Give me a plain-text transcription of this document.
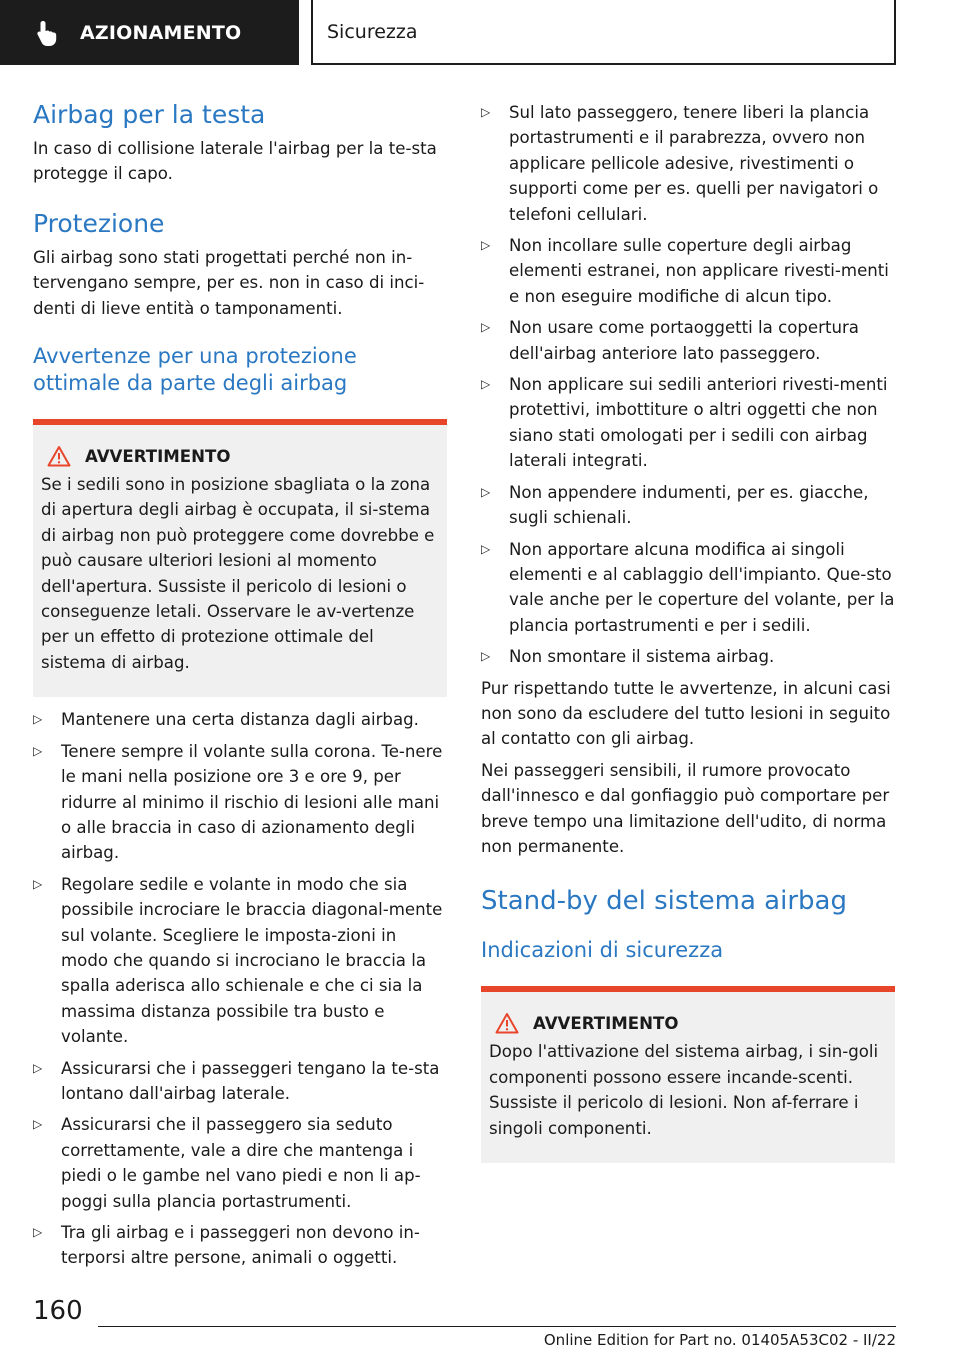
AZIONAMENTO	Sicurezza
Airbag per la testa

In caso di collisione laterale l'airbag per la te-sta protegge il capo.

Protezione

Gli airbag sono stati progettati perché non in-tervengano sempre, per es. non in caso di inci-denti di lieve entità o tamponamenti.

Avvertenze per una protezione ottimale da parte degli airbag
AVVERTIMENTO

Se i sedili sono in posizione sbagliata o la zona di apertura degli airbag è occupata, il si-stema di airbag non può proteggere come dovrebbe e può causare ulteriori lesioni al momento dell'apertura. Sussiste il pericolo di lesioni o conseguenze letali. Osservare le av-vertenze per un effetto di protezione ottimale del sistema di airbag.

▷	Mantenere una certa distanza dagli airbag.
▷	Tenere sempre il volante sulla corona. Te-nere le mani nella posizione ore 3 e ore 9, per ridurre al minimo il rischio di lesioni alle mani o alle braccia in caso di azionamento degli airbag.
▷	Regolare sedile e volante in modo che sia possibile incrociare le braccia diagonal-mente sul volante. Scegliere le imposta-zioni in modo che quando si incrociano le braccia la spalla aderisca allo schienale e che ci sia la massima distanza possibile tra busto e volante.
▷	Assicurarsi che i passeggeri tengano la te-sta lontano dall'airbag laterale.
▷	Assicurarsi che il passeggero sia seduto correttamente, vale a dire che mantenga i piedi o le gambe nel vano piedi e non li ap-poggi sulla plancia portastrumenti.
▷	Tra gli airbag e i passeggeri non devono in-terporsi altre persone, animali o oggetti.
▷	Sul lato passeggero, tenere liberi la plancia portastrumenti e il parabrezza, ovvero non applicare pellicole adesive, rivestimenti o supporti come per es. quelli per navigatori o telefoni cellulari.
▷	Non incollare sulle coperture degli airbag elementi estranei, non applicare rivesti-menti e non eseguire modifiche di alcun tipo.
▷	Non usare come portaoggetti la copertura dell'airbag anteriore lato passeggero.
▷	Non applicare sui sedili anteriori rivesti-menti protettivi, imbottiture o altri oggetti che non siano stati omologati per i sedili con airbag laterali integrati.
▷	Non appendere indumenti, per es. giacche, sugli schienali.
▷	Non apportare alcuna modifica ai singoli elementi e al cablaggio dell'impianto. Que-sto vale anche per le coperture del volante, per la plancia portastrumenti e per i sedili.
▷	Non smontare il sistema airbag.

Pur rispettando tutte le avvertenze, in alcuni casi non sono da escludere del tutto lesioni in seguito al contatto con gli airbag.

Nei passeggeri sensibili, il rumore provocato dall'innesco e dal gonfiaggio può comportare per breve tempo una limitazione dell'udito, di norma non permanente.

Stand-by del sistema airbag
Indicazioni di sicurezza
AVVERTIMENTO

Dopo l'attivazione del sistema airbag, i sin-goli componenti possono essere incande-scenti. Sussiste il pericolo di lesioni. Non af-ferrare i singoli componenti.

160
Online Edition for Part no. 01405A53C02 - II/22
